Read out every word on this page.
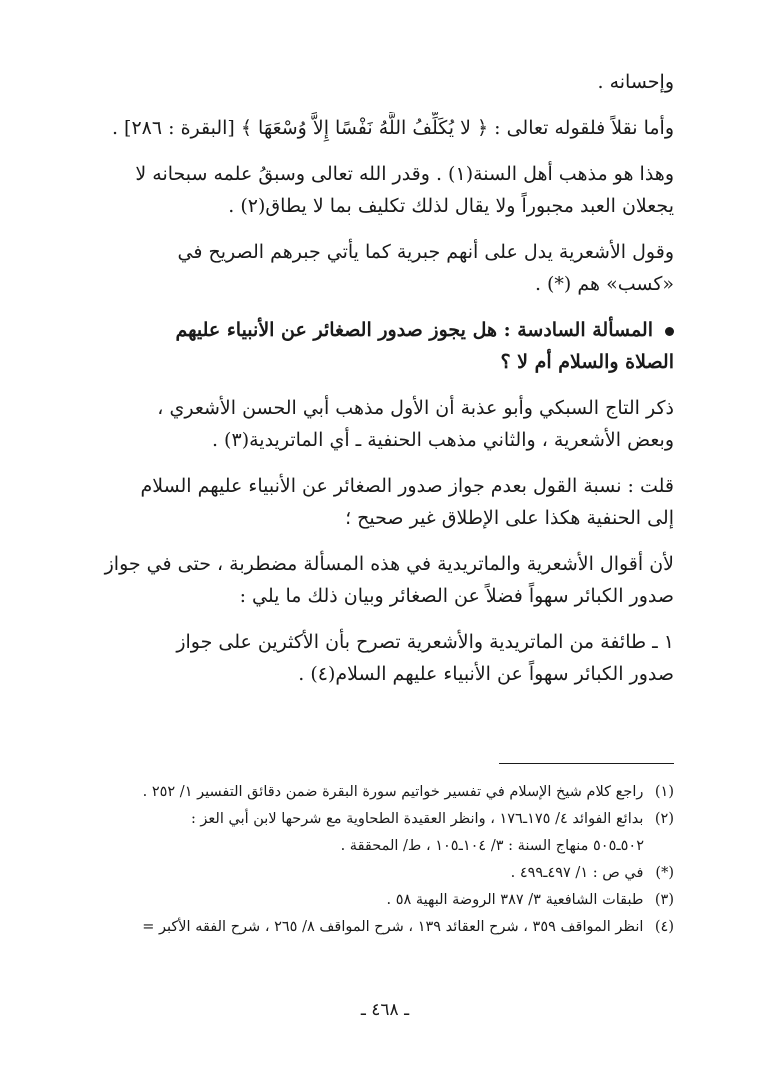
وإحسانه .
وأما نقلاً فلقوله تعالى : ﴿ لا يُكَلِّفُ اللَّهُ نَفْسًا إِلاَّ وُسْعَهَا ﴾ [البقرة : ٢٨٦] .
وهذا هو مذهب أهل السنة(١) . وقدر الله تعالى وسبقُ علمه سبحانه لا
يجعلان العبد مجبوراً ولا يقال لذلك تكليف بما لا يطاق(٢) .
وقول الأشعرية يدل على أنهم جبرية كما يأتي جبرهم الصريح في
«كسب» هم (*) .
المسألة السادسة : هل يجوز صدور الصغائر عن الأنبياء عليهم
الصلاة والسلام أم لا ؟
ذكر التاج السبكي وأبو عذبة أن الأول مذهب أبي الحسن الأشعري ،
وبعض الأشعرية ، والثاني مذهب الحنفية ـ أي الماتريدية(٣) .
قلت : نسبة القول بعدم جواز صدور الصغائر عن الأنبياء عليهم السلام
إلى الحنفية هكذا على الإطلاق غير صحيح ؛
لأن أقوال الأشعرية والماتريدية في هذه المسألة مضطربة ، حتى في جواز
صدور الكبائر سهواً فضلاً عن الصغائر وبيان ذلك ما يلي :
١ ـ طائفة من الماتريدية والأشعرية تصرح بأن الأكثرين على جواز
صدور الكبائر سهواً عن الأنبياء عليهم السلام(٤) .
(١) راجع كلام شيخ الإسلام في تفسير خواتيم سورة البقرة ضمن دقائق التفسير ١/ ٢٥٢ .
(٢) بدائع الفوائد ٤/ ١٧٥ـ١٧٦ ، وانظر العقيدة الطحاوية مع شرحها لابن أبي العز :
٥٠٢ـ٥٠٥ منهاج السنة : ٣/ ١٠٤ـ١٠٥ ، ط/ المحققة .
(*) في ص : ١/ ٤٩٧ـ٤٩٩ .
(٣) طبقات الشافعية ٣/ ٣٨٧ الروضة البهية ٥٨ .
(٤) انظر المواقف ٣٥٩ ، شرح العقائد ١٣٩ ، شرح المواقف ٨/ ٢٦٥ ، شرح الفقه الأكبر =
ـ ٤٦٨ ـ
